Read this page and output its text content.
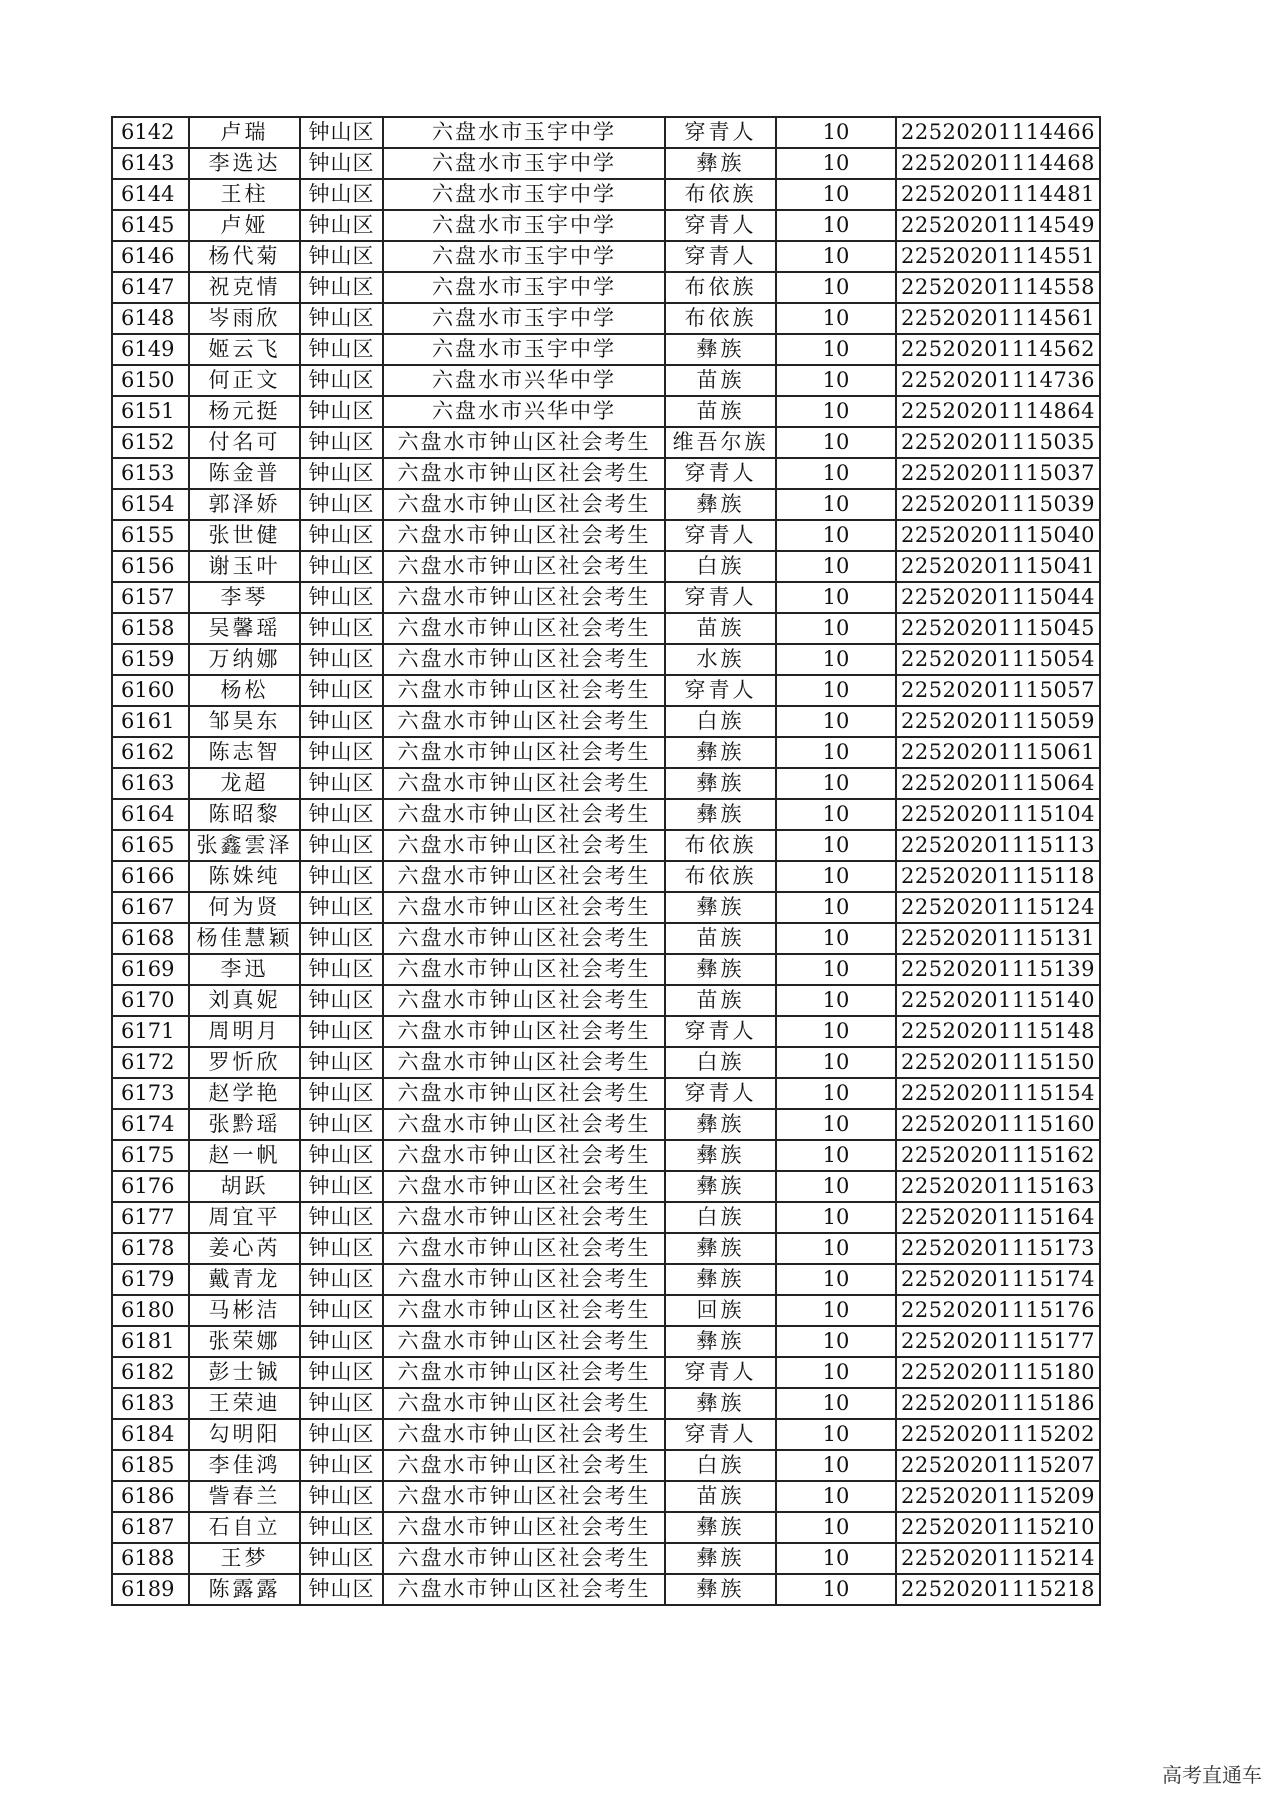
6142	卢瑞	钟山区	六盘水市玉宇中学	穿青人	10	22520201114466
6143	李选达	钟山区	六盘水市玉宇中学	彝族	10	22520201114468
6144	王柱	钟山区	六盘水市玉宇中学	布依族	10	22520201114481
6145	卢娅	钟山区	六盘水市玉宇中学	穿青人	10	22520201114549
6146	杨代菊	钟山区	六盘水市玉宇中学	穿青人	10	22520201114551
6147	祝克情	钟山区	六盘水市玉宇中学	布依族	10	22520201114558
6148	岑雨欣	钟山区	六盘水市玉宇中学	布依族	10	22520201114561
6149	姬云飞	钟山区	六盘水市玉宇中学	彝族	10	22520201114562
6150	何正文	钟山区	六盘水市兴华中学	苗族	10	22520201114736
6151	杨元挺	钟山区	六盘水市兴华中学	苗族	10	22520201114864
6152	付名可	钟山区	六盘水市钟山区社会考生	维吾尔族	10	22520201115035
6153	陈金普	钟山区	六盘水市钟山区社会考生	穿青人	10	22520201115037
6154	郭泽娇	钟山区	六盘水市钟山区社会考生	彝族	10	22520201115039
6155	张世健	钟山区	六盘水市钟山区社会考生	穿青人	10	22520201115040
6156	谢玉叶	钟山区	六盘水市钟山区社会考生	白族	10	22520201115041
6157	李琴	钟山区	六盘水市钟山区社会考生	穿青人	10	22520201115044
6158	吴馨瑶	钟山区	六盘水市钟山区社会考生	苗族	10	22520201115045
6159	万纳娜	钟山区	六盘水市钟山区社会考生	水族	10	22520201115054
6160	杨松	钟山区	六盘水市钟山区社会考生	穿青人	10	22520201115057
6161	邹昊东	钟山区	六盘水市钟山区社会考生	白族	10	22520201115059
6162	陈志智	钟山区	六盘水市钟山区社会考生	彝族	10	22520201115061
6163	龙超	钟山区	六盘水市钟山区社会考生	彝族	10	22520201115064
6164	陈昭黎	钟山区	六盘水市钟山区社会考生	彝族	10	22520201115104
6165	张鑫雲泽	钟山区	六盘水市钟山区社会考生	布依族	10	22520201115113
6166	陈姝纯	钟山区	六盘水市钟山区社会考生	布依族	10	22520201115118
6167	何为贤	钟山区	六盘水市钟山区社会考生	彝族	10	22520201115124
6168	杨佳慧颖	钟山区	六盘水市钟山区社会考生	苗族	10	22520201115131
6169	李迅	钟山区	六盘水市钟山区社会考生	彝族	10	22520201115139
6170	刘真妮	钟山区	六盘水市钟山区社会考生	苗族	10	22520201115140
6171	周明月	钟山区	六盘水市钟山区社会考生	穿青人	10	22520201115148
6172	罗忻欣	钟山区	六盘水市钟山区社会考生	白族	10	22520201115150
6173	赵学艳	钟山区	六盘水市钟山区社会考生	穿青人	10	22520201115154
6174	张黔瑶	钟山区	六盘水市钟山区社会考生	彝族	10	22520201115160
6175	赵一帆	钟山区	六盘水市钟山区社会考生	彝族	10	22520201115162
6176	胡跃	钟山区	六盘水市钟山区社会考生	彝族	10	22520201115163
6177	周宜平	钟山区	六盘水市钟山区社会考生	白族	10	22520201115164
6178	姜心芮	钟山区	六盘水市钟山区社会考生	彝族	10	22520201115173
6179	戴青龙	钟山区	六盘水市钟山区社会考生	彝族	10	22520201115174
6180	马彬洁	钟山区	六盘水市钟山区社会考生	回族	10	22520201115176
6181	张荣娜	钟山区	六盘水市钟山区社会考生	彝族	10	22520201115177
6182	彭士铖	钟山区	六盘水市钟山区社会考生	穿青人	10	22520201115180
6183	王荣迪	钟山区	六盘水市钟山区社会考生	彝族	10	22520201115186
6184	勾明阳	钟山区	六盘水市钟山区社会考生	穿青人	10	22520201115202
6185	李佳鸿	钟山区	六盘水市钟山区社会考生	白族	10	22520201115207
6186	訾春兰	钟山区	六盘水市钟山区社会考生	苗族	10	22520201115209
6187	石自立	钟山区	六盘水市钟山区社会考生	彝族	10	22520201115210
6188	王梦	钟山区	六盘水市钟山区社会考生	彝族	10	22520201115214
6189	陈露露	钟山区	六盘水市钟山区社会考生	彝族	10	22520201115218
高考直通车
